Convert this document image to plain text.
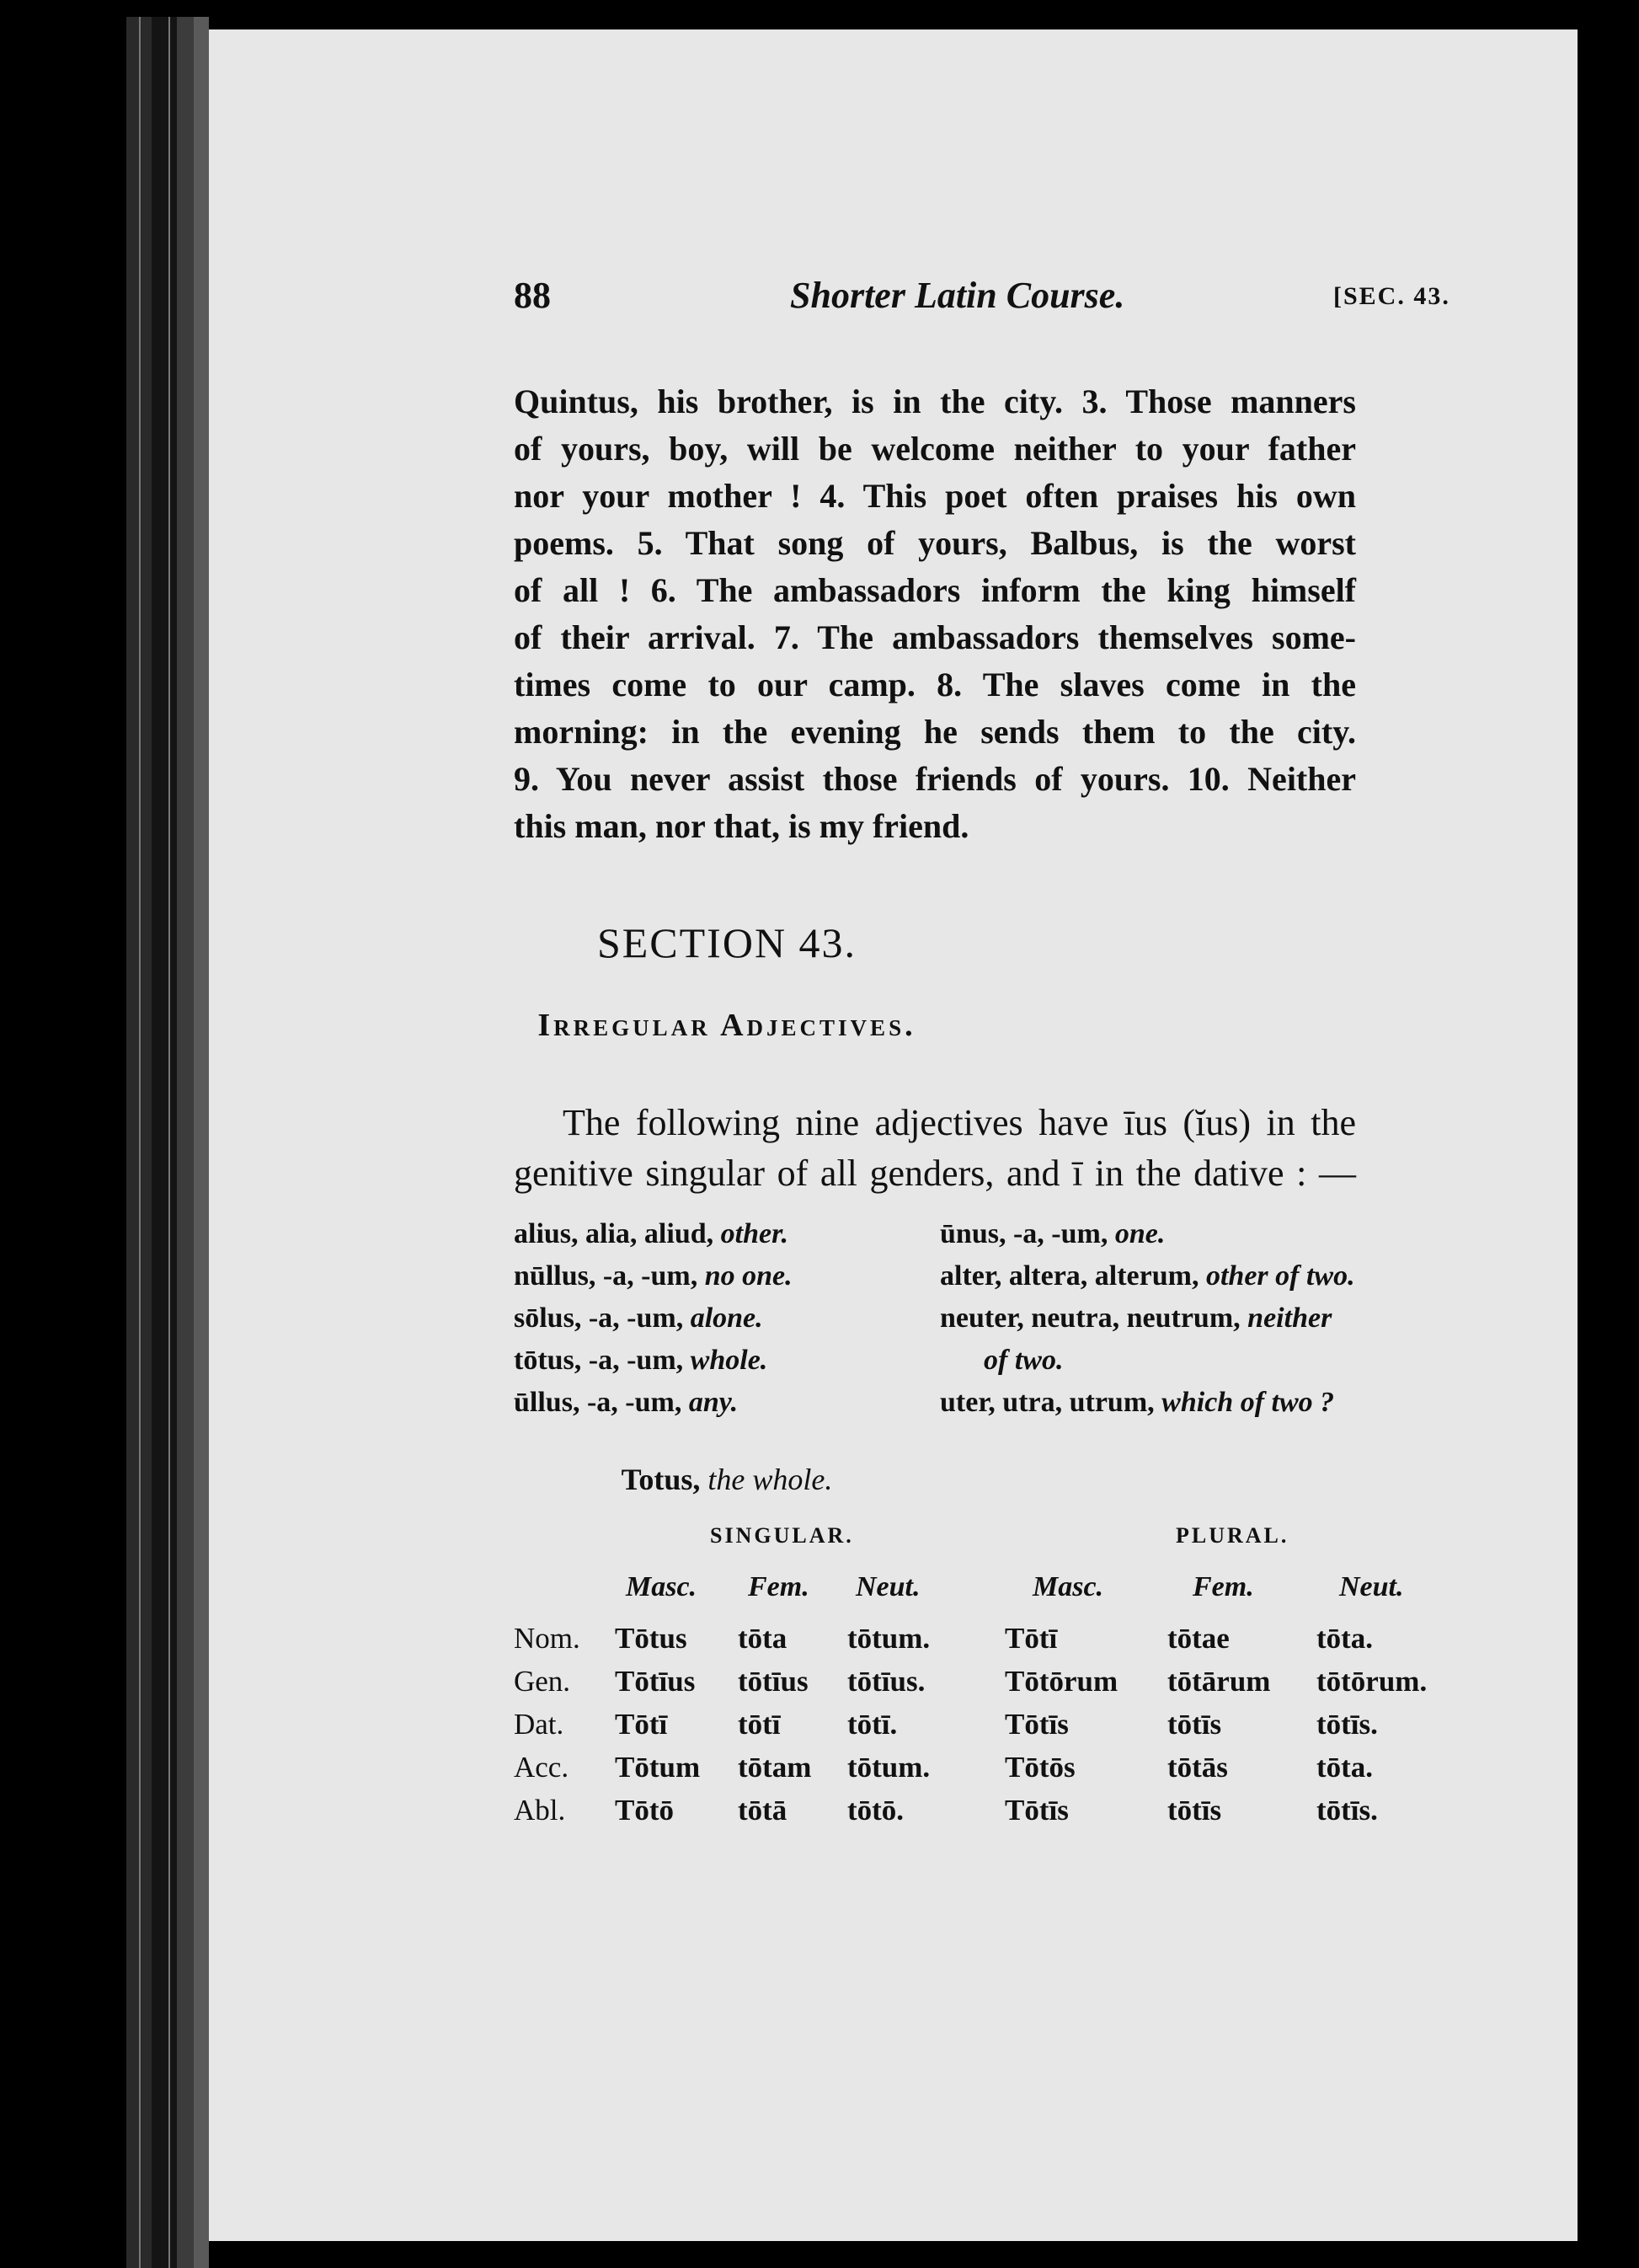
88	Shorter Latin Course.	[SEC. 43.
Quintus, his brother, is in the city. 3. Those manners
of yours, boy, will be welcome neither to your father
nor your mother ! 4. This poet often praises his own
poems. 5. That song of yours, Balbus, is the worst
of all ! 6. The ambassadors inform the king himself
of their arrival. 7. The ambassadors themselves some-
times come to our camp. 8. The slaves come in the
morning: in the evening he sends them to the city.
9. You never assist those friends of yours. 10. Neither
this man, nor that, is my friend.
SECTION 43.
Irregular Adjectives.
The following nine adjectives have īus (ĭus) in the
genitive singular of all genders, and ī in the dative : —
alius, alia, aliud, other.
nūllus, -a, -um, no one.
sōlus, -a, -um, alone.
tōtus, -a, -um, whole.
ūllus, -a, -um, any.
ūnus, -a, -um, one.
alter, altera, alterum, other of two.
neuter, neutra, neutrum, neither
of two.
uter, utra, utrum, which of two ?
Totus, the whole.
SINGULAR.	PLURAL.
Masc. Fem. Neut.	Masc.	Fem.	Neut.
Nom. Tōtus tōta tōtum.	Tōtī	tōtae	tōta.
Gen. Tōtīus tōtīus tōtīus.	Tōtōrum tōtārum tōtōrum.
Dat. Tōtī tōtī tōtī.	Tōtīs	tōtīs	tōtīs.
Acc. Tōtum tōtam tōtum.	Tōtōs	tōtās	tōta.
Abl. Tōtō tōtā tōtō.	Tōtīs	tōtīs	tōtīs.
